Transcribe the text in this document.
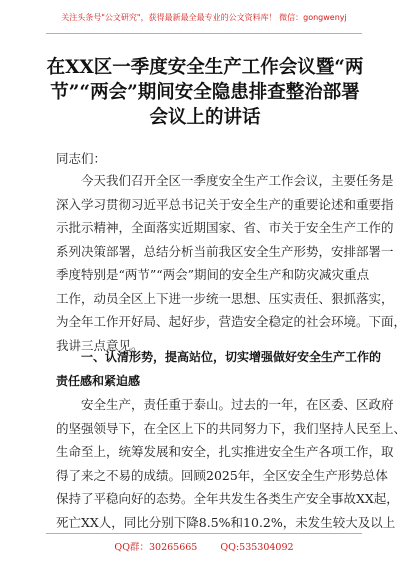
关注头条号"公文研究"，获得最新最全最专业的公文资料库！ 微信：gongwenyj
在XX区一季度安全生产工作会议暨“两
节”“两会”期间安全隐患排查整治部署
会议上的讲话
同志们：
今天我们召开全区一季度安全生产工作会议，主要任务是
深入学习贯彻习近平总书记关于安全生产的重要论述和重要指
示批示精神，全面落实近期国家、省、市关于安全生产工作的
系列决策部署，总结分析当前我区安全生产形势，安排部署一
季度特别是“两节”“两会”期间的安全生产和防灾减灾重点
工作，动员全区上下进一步统一思想、压实责任、狠抓落实，
为全年工作开好局、起好步，营造安全稳定的社会环境。下面，
我讲三点意见。
一、认清形势，提高站位，切实增强做好安全生产工作的
责任感和紧迫感
安全生产，责任重于泰山。过去的一年，在区委、区政府
的坚强领导下，在全区上下的共同努力下，我们坚持人民至上、
生命至上，统筹发展和安全，扎实推进安全生产各项工作，取
得了来之不易的成绩。回顾2025年，全区安全生产形势总体
保持了平稳向好的态势。全年共发生各类生产安全事故XX起，
死亡XX人，同比分别下降8.5%和10.2%，未发生较大及以上
QQ群：30265665 QQ:535304092
